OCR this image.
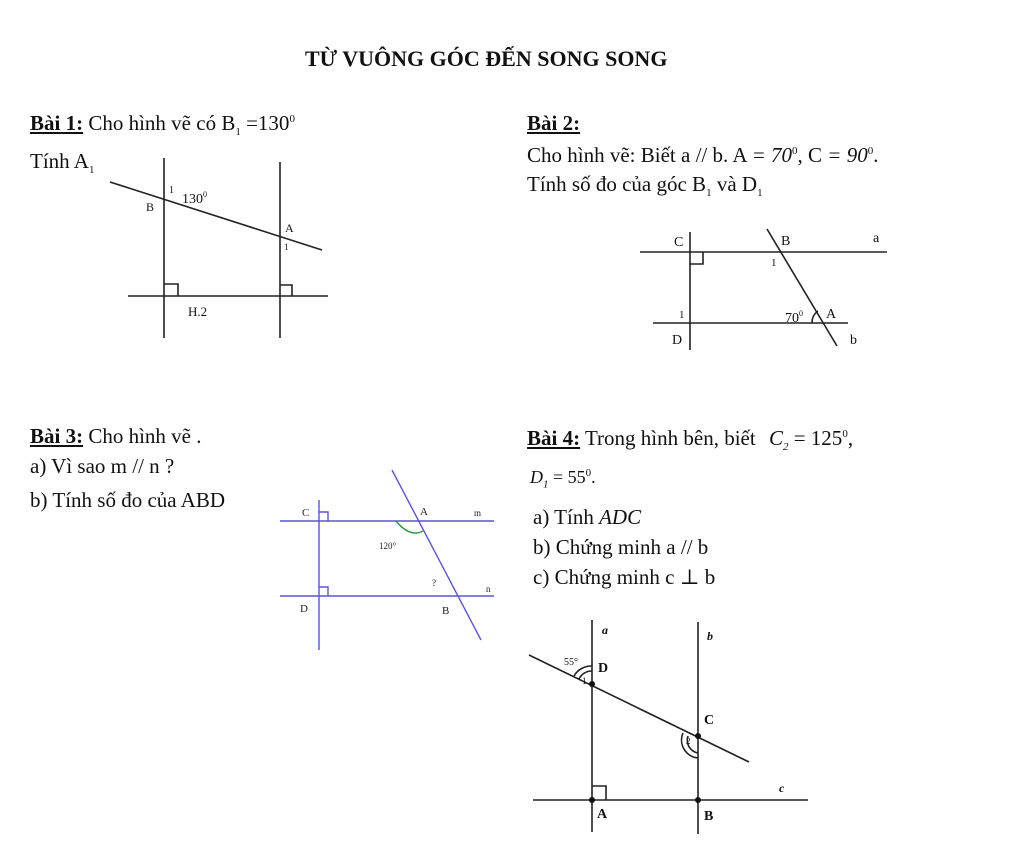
TỪ VUÔNG GÓC ĐẾN SONG SONG
Bài 1: Cho hình vẽ có $B_1 =130^0$
Tính $A_1$
B
1
$130^0$
A
1
H.2
Bài 2:
Cho hình vẽ: Biết a // b. $A = 70^0$, $C = 90^0$.
Tính số đo của góc $B_1$ và $D_1$
C	B	a
1
1	$70^0$ A
D	b
Bài 3: Cho hình vẽ .
a) Vì sao m // n ?
b) Tính số đo của ABD
C	A	m
120°
?
n
D	B
Bài 4: Trong hình bên, biết $C_2 = 125^0$,
$D_1 = 55^0$.
a) Tính ADC
b) Chứng minh a // b
c) Chứng minh c ⊥ b
a	b
55° D
1
C
2
c
A	B
